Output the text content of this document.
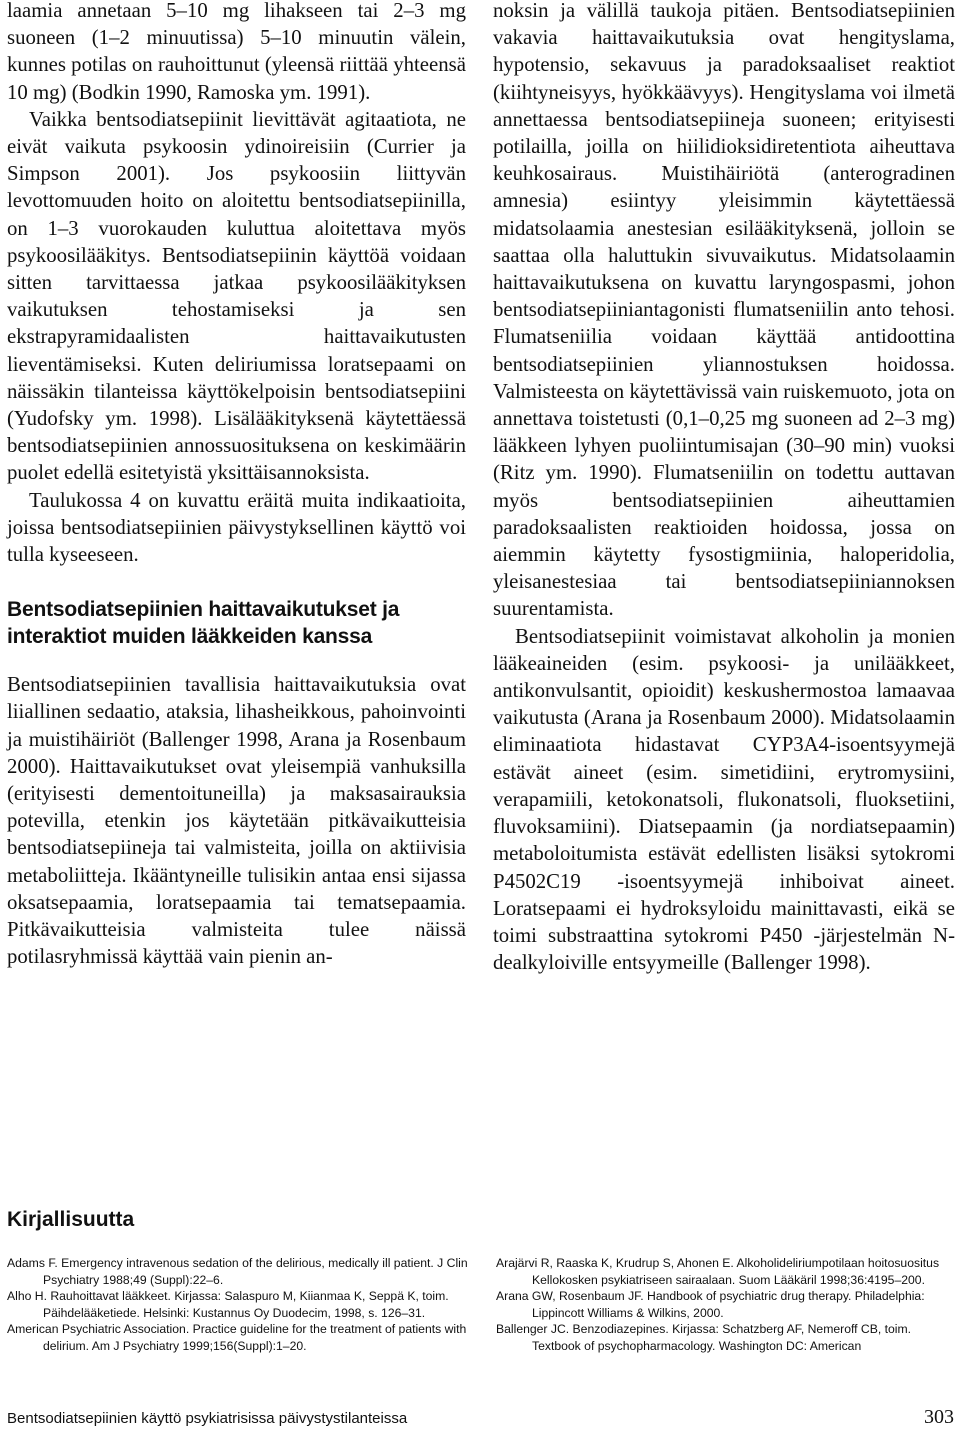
laamia annetaan 5–10 mg lihakseen tai 2–3 mg suoneen (1–2 minuutissa) 5–10 minuutin välein, kunnes potilas on rauhoittunut (yleensä riittää yhteensä 10 mg) (Bodkin 1990, Ramoska ym. 1991).

Vaikka bentsodiatsepiinit lievittävät agitaatiota, ne eivät vaikuta psykoosin ydinoireisiin (Currier ja Simpson 2001). Jos psykoosiin liittyvän levottomuuden hoito on aloitettu bentsodiatsepiinilla, on 1–3 vuorokauden kuluttua aloitettava myös psykoosilääkitys. Bentsodiatsepiinin käyttöä voidaan sitten tarvittaessa jatkaa psykoosilääkityksen vaikutuksen tehostamiseksi ja sen ekstrapyramidaalisten haittavaikutusten lieventämiseksi. Kuten deliriumissa loratsepaami on näissäkin tilanteissa käyttökelpoisin bentsodiatsepiini (Yudofsky ym. 1998). Lisälääkityksenä käytettäessä bentsodiatsepiinien annossuosituksena on keskimäärin puolet edellä esitetyistä yksittäisannoksista.

Taulukossa 4 on kuvattu eräitä muita indikaatioita, joissa bentsodiatsepiinien päivystyksellinen käyttö voi tulla kyseeseen.

Bentsodiatsepiinien haittavaikutukset ja interaktiot muiden lääkkeiden kanssa

Bentsodiatsepiinien tavallisia haittavaikutuksia ovat liiallinen sedaatio, ataksia, lihasheikkous, pahoinvointi ja muistihäiriöt (Ballenger 1998, Arana ja Rosenbaum 2000). Haittavaikutukset ovat yleisempiä vanhuksilla (erityisesti dementoituneilla) ja maksasairauksia potevilla, etenkin jos käytetään pitkävaikutteisia bentsodiatsepiineja tai valmisteita, joilla on aktiivisia metaboliitteja. Ikääntyneille tulisikin antaa ensi sijassa oksatsepaamia, loratsepaamia tai tematsepaamia. Pitkävaikutteisia valmisteita tulee näissä potilasryhmissä käyttää vain pienin an-

noksin ja välillä taukoja pitäen. Bentsodiatsepiinien vakavia haittavaikutuksia ovat hengityslama, hypotensio, sekavuus ja paradoksaaliset reaktiot (kiihtyneisyys, hyökkäävyys). Hengityslama voi ilmetä annettaessa bentsodiatsepiineja suoneen; erityisesti potilailla, joilla on hiilidioksidiretentiota aiheuttava keuhkosairaus. Muistihäiriötä (anterogradinen amnesia) esiintyy yleisimmin käytettäessä midatsolaamia anestesian esilääkityksenä, jolloin se saattaa olla haluttukin sivuvaikutus. Midatsolaamin haittavaikutuksena on kuvattu laryngospasmi, johon bentsodiatsepiiniantagonisti flumatseniilin anto tehosi. Flumatseniilia voidaan käyttää antidoottina bentsodiatsepiinien yliannostuksen hoidossa. Valmisteesta on käytettävissä vain ruiskemuoto, jota on annettava toistetusti (0,1–0,25 mg suoneen ad 2–3 mg) lääkkeen lyhyen puoliintumisajan (30–90 min) vuoksi (Ritz ym. 1990). Flumatseniilin on todettu auttavan myös bentsodiatsepiinien aiheuttamien paradoksaalisten reaktioiden hoidossa, jossa on aiemmin käytetty fysostigmiinia, haloperidolia, yleisanestesiaa tai bentsodiatsepiiniannoksen suurentamista.

Bentsodiatsepiinit voimistavat alkoholin ja monien lääkeaineiden (esim. psykoosi- ja unilääkkeet, antikonvulsantit, opioidit) keskushermostoa lamaavaa vaikutusta (Arana ja Rosenbaum 2000). Midatsolaamin eliminaatiota hidastavat CYP3A4-isoentsyymejä estävät aineet (esim. simetidiini, erytromysiini, verapamiili, ketokonatsoli, flukonatsoli, fluoksetiini, fluvoksamiini). Diatsepaamin (ja nordiatsepaamin) metaboloitumista estävät edellisten lisäksi sytokromi P4502C19 -isoentsyymejä inhiboivat aineet. Loratsepaami ei hydroksyloidu mainittavasti, eikä se toimi substraattina sytokromi P450 -järjestelmän N-dealkyloiville entsyymeille (Ballenger 1998).

Kirjallisuutta
Adams F. Emergency intravenous sedation of the delirious, medically ill patient. J Clin Psychiatry 1988;49 (Suppl):22–6.
Alho H. Rauhoittavat lääkkeet. Kirjassa: Salaspuro M, Kiianmaa K, Seppä K, toim. Päihdelääketiede. Helsinki: Kustannus Oy Duodecim, 1998, s. 126–31.
American Psychiatric Association. Practice guideline for the treatment of patients with delirium. Am J Psychiatry 1999;156(Suppl):1–20.
Arajärvi R, Raaska K, Krudrup S, Ahonen E. Alkoholideliriumpotilaan hoitosuositus Kellokosken psykiatriseen sairaalaan. Suom Lääkäril 1998;36:4195–200.
Arana GW, Rosenbaum JF. Handbook of psychiatric drug therapy. Philadelphia: Lippincott Williams & Wilkins, 2000.
Ballenger JC. Benzodiazepines. Kirjassa: Schatzberg AF, Nemeroff CB, toim. Textbook of psychopharmacology. Washington DC: American
Bentsodiatsepiinien käyttö psykiatrisissa päivystystilanteissa	303
